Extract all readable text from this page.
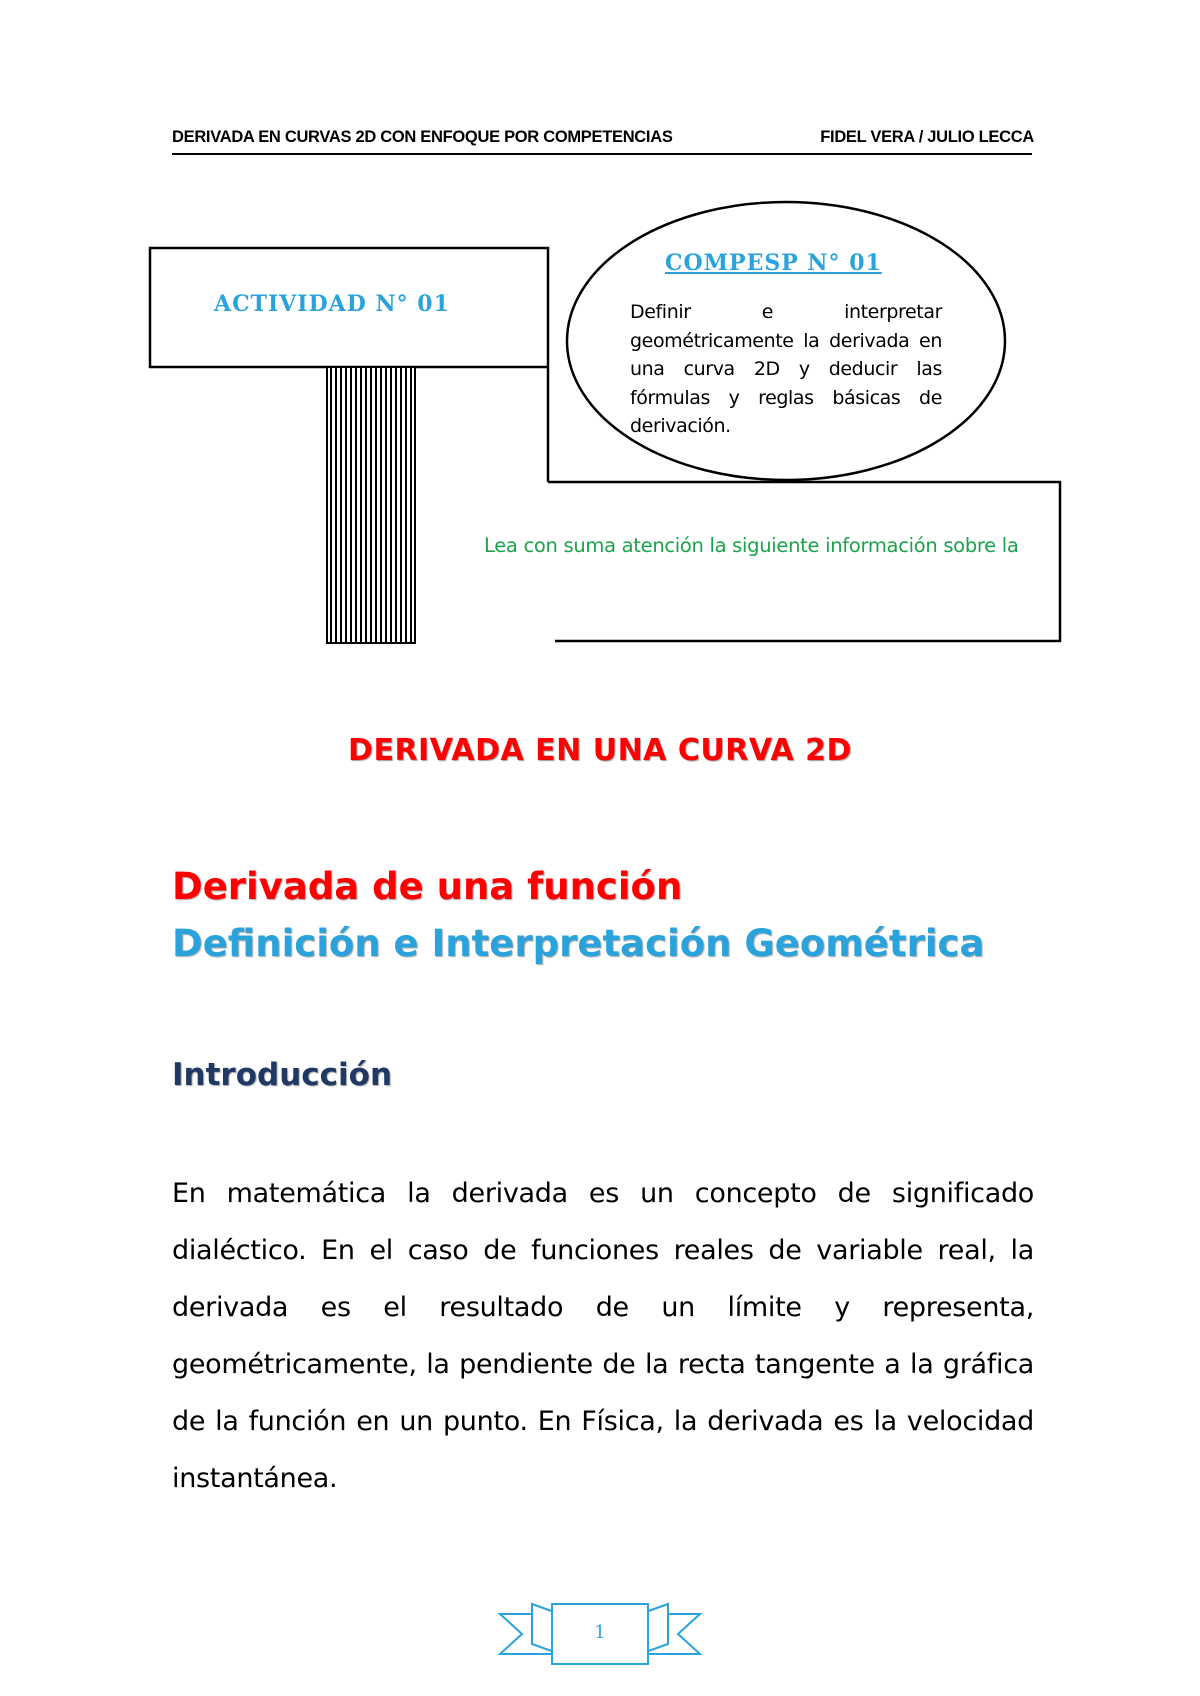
DERIVADA EN CURVAS 2D CON ENFOQUE POR COMPETENCIAS	FIDEL VERA / JULIO LECCA
ACTIVIDAD N° 01
COMPESP N° 01
Definir e interpretar geométricamente la derivada en una curva 2D y deducir las fórmulas y reglas básicas de derivación.
Lea con suma atención la siguiente información sobre la
DERIVADA EN UNA CURVA 2D
Derivada de una función
Definición e Interpretación Geométrica
Introducción
En matemática la derivada es un concepto de significado dialéctico. En el caso de funciones reales de variable real, la derivada es el resultado de un límite y representa, geométricamente, la pendiente de la recta tangente a la gráfica de la función en un punto. En Física, la derivada es la velocidad instantánea.
1
